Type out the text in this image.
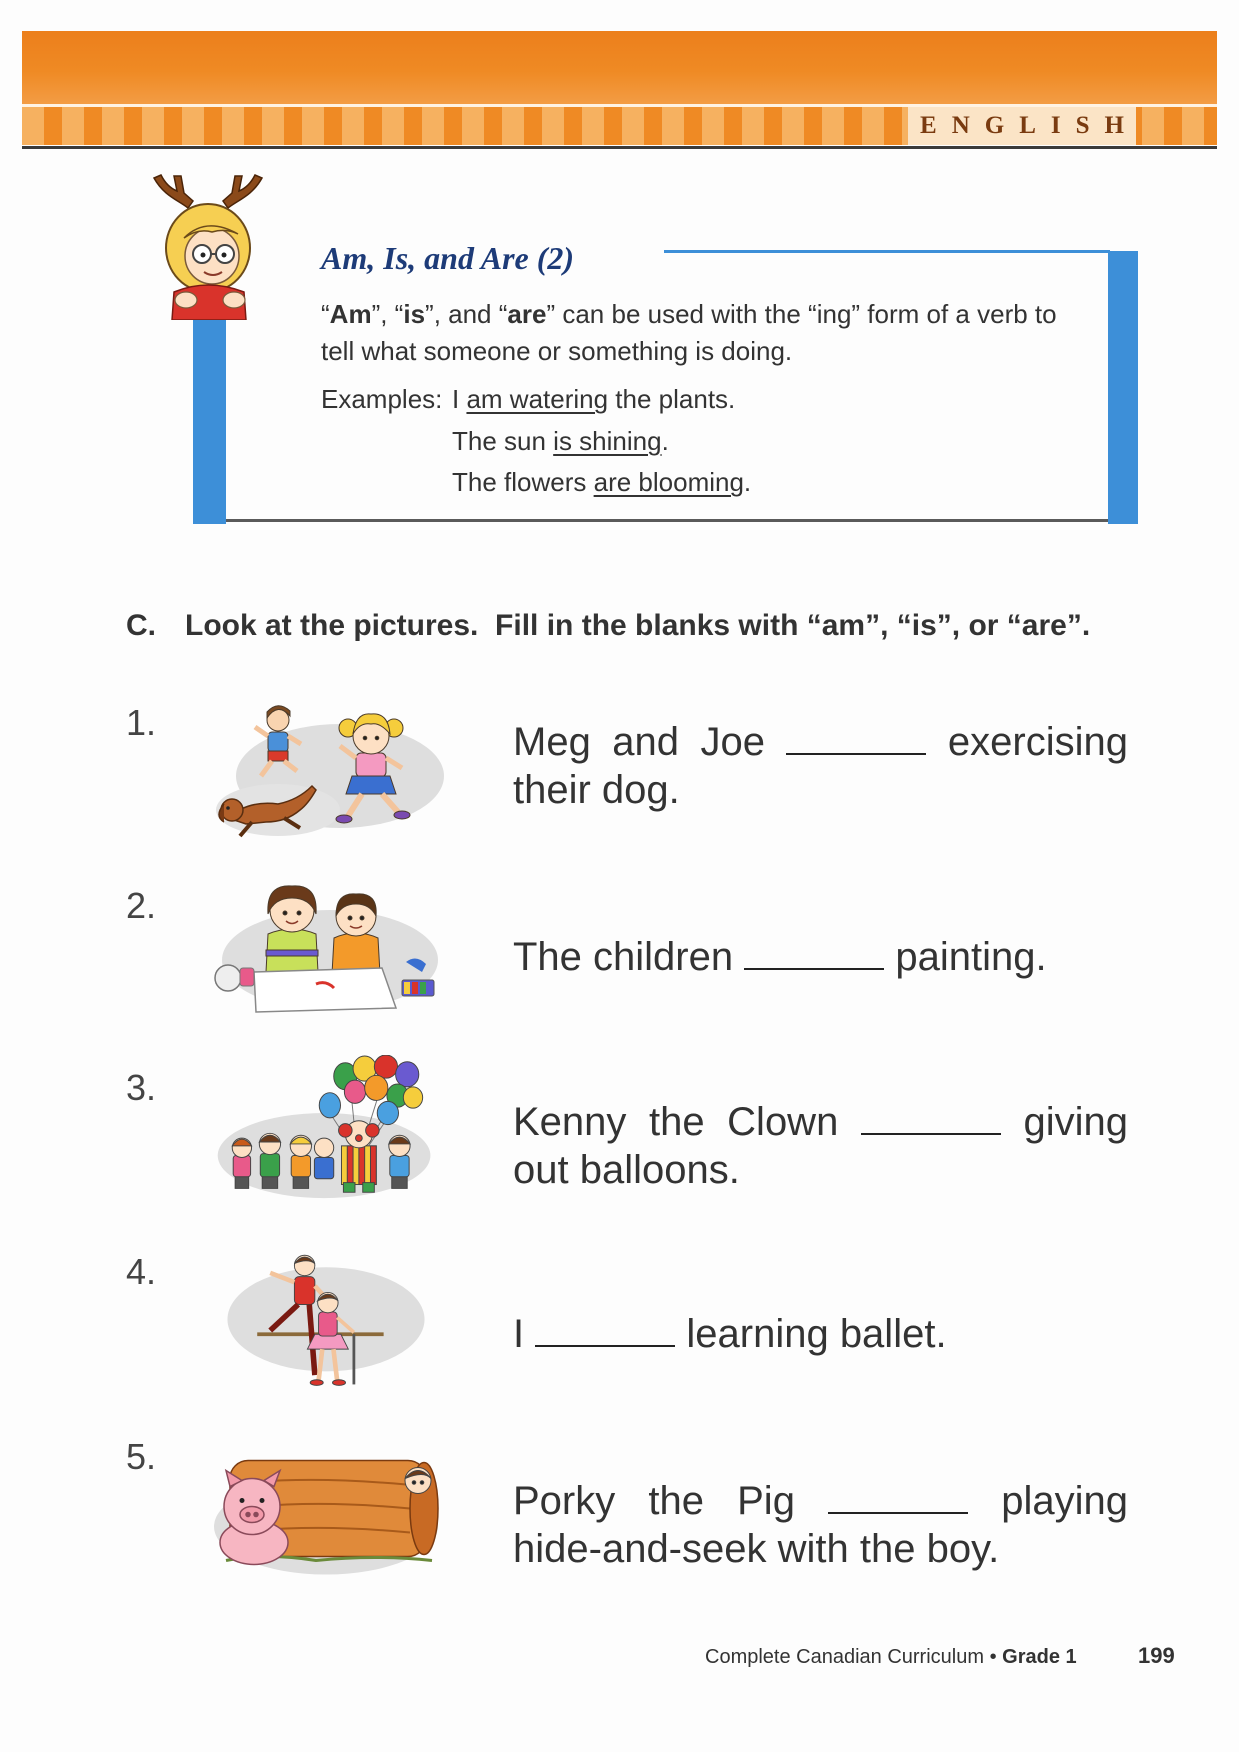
ENGLISH
Am, Is, and Are (2)
“Am”, “is”, and “are” can be used with the “ing” form of a verb to tell what someone or something is doing.
Examples: I am watering the plants.
The sun is shining.
The flowers are blooming.
C. Look at the pictures.  Fill in the blanks with “am”, “is”, or “are”.
1.	Meg and Joe	exercising their dog.
2.
The children	painting.
3.
Kenny the Clown	giving out balloons.
4.
I	learning ballet.
5.
Porky the Pig	playing hide-and-seek with the boy.
Complete Canadian Curriculum • Grade 1	199
